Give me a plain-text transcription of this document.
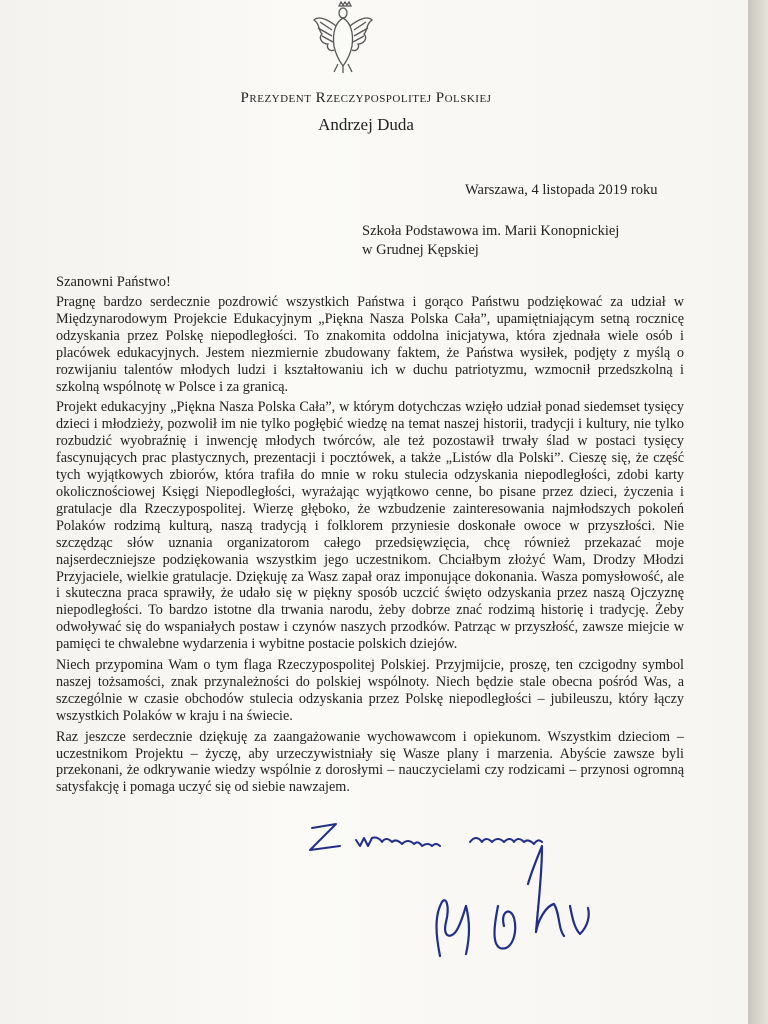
Prezydent Rzeczypospolitej Polskiej
Andrzej Duda
Warszawa, 4 listopada 2019 roku
Szkoła Podstawowa im. Marii Konopnickiej
w Grudnej Kępskiej
Szanowni Państwo!

Pragnę bardzo serdecznie pozdrowić wszystkich Państwa i gorąco Państwu podziękować za udział w Międzynarodowym Projekcie Edukacyjnym „Piękna Nasza Polska Cała”, upamiętniającym setną rocznicę odzyskania przez Polskę niepodległości. To znakomita oddolna inicjatywa, która zjednała wiele osób i placówek edukacyjnych. Jestem niezmiernie zbudowany faktem, że Państwa wysiłek, podjęty z myślą o rozwijaniu talentów młodych ludzi i kształtowaniu ich w duchu patriotyzmu, wzmocnił przedszkolną i szkolną wspólnotę w Polsce i za granicą.

Projekt edukacyjny „Piękna Nasza Polska Cała”, w którym dotychczas wzięło udział ponad siedemset tysięcy dzieci i młodzieży, pozwolił im nie tylko pogłębić wiedzę na temat naszej historii, tradycji i kultury, nie tylko rozbudzić wyobraźnię i inwencję młodych twórców, ale też pozostawił trwały ślad w postaci tysięcy fascynujących prac plastycznych, prezentacji i pocztówek, a także „Listów dla Polski”. Cieszę się, że część tych wyjątkowych zbiorów, która trafiła do mnie w roku stulecia odzyskania niepodległości, zdobi karty okolicznościowej Księgi Niepodległości, wyrażając wyjątkowo cenne, bo pisane przez dzieci, życzenia i gratulacje dla Rzeczypospolitej. Wierzę głęboko, że wzbudzenie zainteresowania najmłodszych pokoleń Polaków rodzimą kulturą, naszą tradycją i folklorem przyniesie doskonałe owoce w przyszłości. Nie szczędząc słów uznania organizatorom całego przedsięwzięcia, chcę również przekazać moje najserdeczniejsze podziękowania wszystkim jego uczestnikom. Chciałbym złożyć Wam, Drodzy Młodzi Przyjaciele, wielkie gratulacje. Dziękuję za Wasz zapał oraz imponujące dokonania. Wasza pomysłowość, ale i skuteczna praca sprawiły, że udało się w piękny sposób uczcić święto odzyskania przez naszą Ojczyznę niepodległości. To bardzo istotne dla trwania narodu, żeby dobrze znać rodzimą historię i tradycję. Żeby odwoływać się do wspaniałych postaw i czynów naszych przodków. Patrząc w przyszłość, zawsze miejcie w pamięci te chwalebne wydarzenia i wybitne postacie polskich dziejów.

Niech przypomina Wam o tym flaga Rzeczypospolitej Polskiej. Przyjmijcie, proszę, ten czcigodny symbol naszej tożsamości, znak przynależności do polskiej wspólnoty. Niech będzie stale obecna pośród Was, a szczególnie w czasie obchodów stulecia odzyskania przez Polskę niepodległości – jubileuszu, który łączy wszystkich Polaków w kraju i na świecie.

Raz jeszcze serdecznie dziękuję za zaangażowanie wychowawcom i opiekunom. Wszystkim dzieciom – uczestnikom Projektu – życzę, aby urzeczywistniały się Wasze plany i marzenia. Abyście zawsze byli przekonani, że odkrywanie wiedzy wspólnie z dorosłymi – nauczycielami czy rodzicami – przynosi ogromną satysfakcję i pomaga uczyć się od siebie nawzajem.
